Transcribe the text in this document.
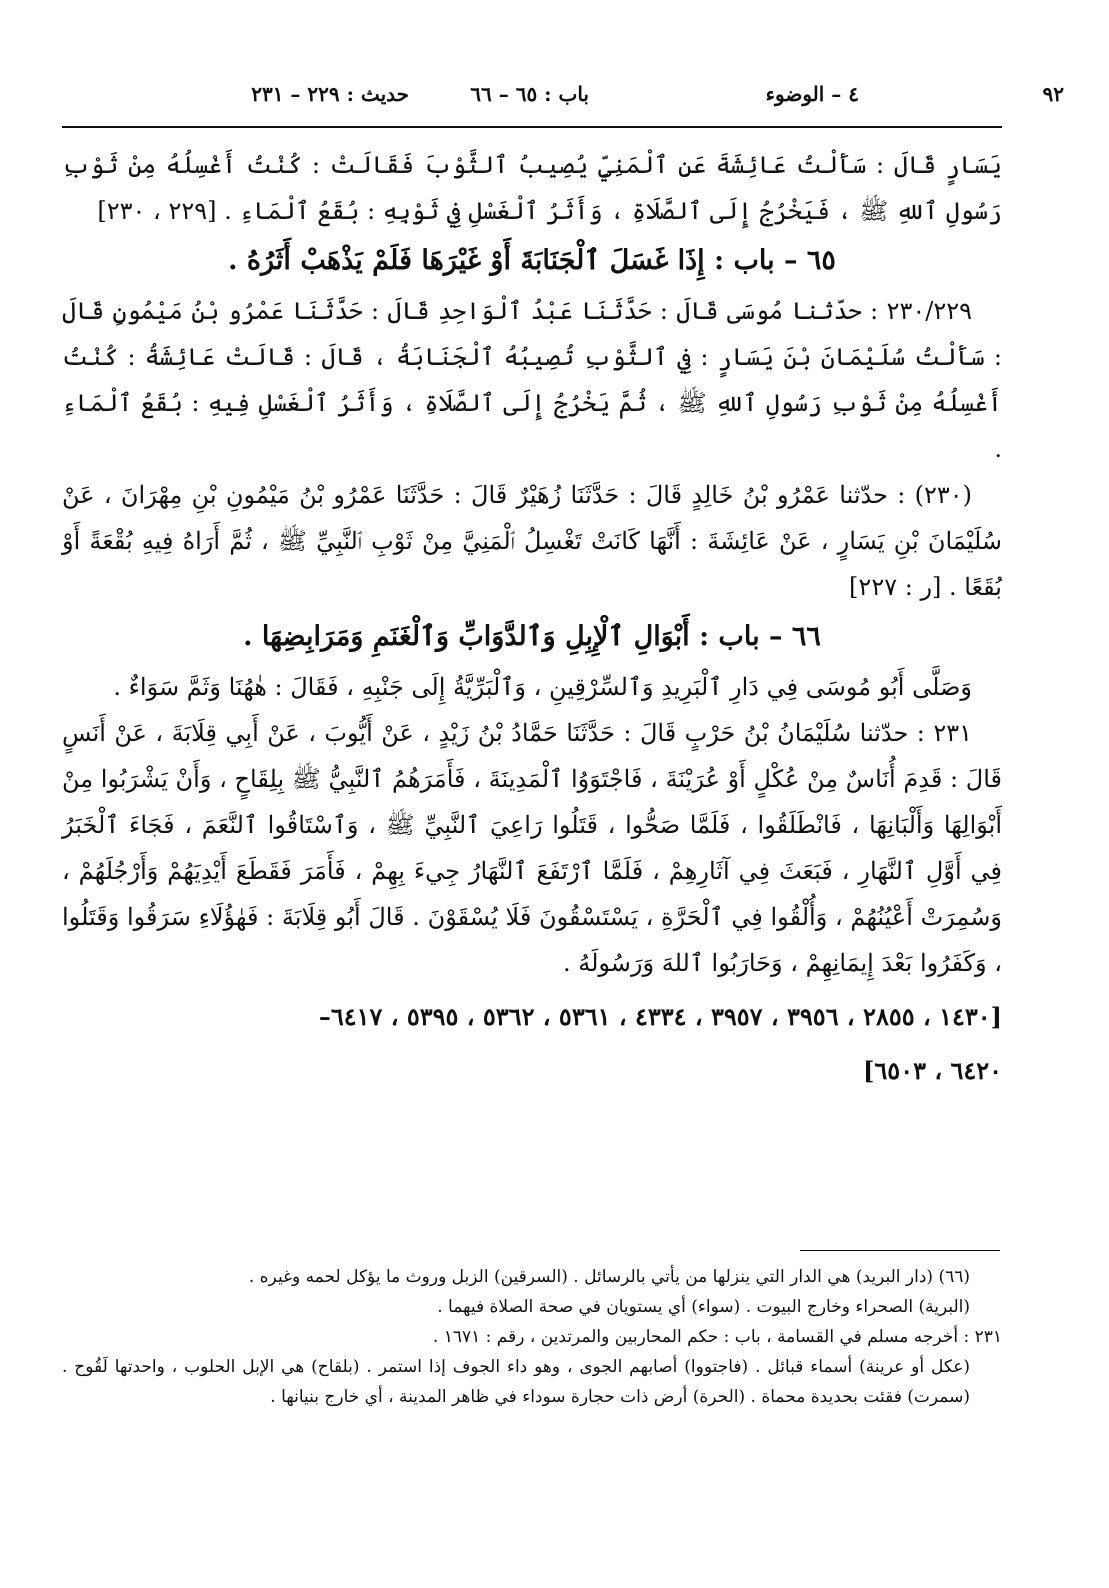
٩٢
٤ – الوضوء
باب : ٦٥ – ٦٦
حديث : ٢٢٩ – ٢٣١

يَسَارٍ قَالَ : سَأَلْتُ عَائِشَةَ عَنِ ٱلْمَنِيِّ يُصِيبُ ٱلثَّوْبَ فَقَالَتْ : كُنْتُ أَغْسِلُهُ مِنْ ثَوْبِ رَسُولِ ٱللهِ ﷺ ، فَيَخْرُجُ إِلَى ٱلصَّلَاةِ ، وَأَثَرُ ٱلْغَسْلِ فِي ثَوْبِهِ : بُقَعُ ٱلْمَاءِ . [٢٢٩ ، ٢٣٠]

٦٥ – باب : إِذَا غَسَلَ ٱلْجَنَابَةَ أَوْ غَيْرَهَا فَلَمْ يَذْهَبْ أَثَرُهُ .

٢٣٠/٢٢٩ : حدّثنا مُوسَى قَالَ : حَدَّثَنَا عَبْدُ ٱلْوَاحِدِ قَالَ : حَدَّثَنَا عَمْرُو بْنُ مَيْمُونٍ قَالَ : سَأَلْتُ سُلَيْمَانَ بْنَ يَسَارٍ : فِي ٱلثَّوْبِ تُصِيبُهُ ٱلْجَنَابَةُ ، قَالَ : قَالَتْ عَائِشَةُ : كُنْتُ أَغْسِلُهُ مِنْ ثَوْبِ رَسُولِ ٱللهِ ﷺ ، ثُمَّ يَخْرُجُ إِلَى ٱلصَّلَاةِ ، وَأَثَرُ ٱلْغَسْلِ فِيهِ : بُقَعُ ٱلْمَاءِ .

(٢٣٠) : حدّثنا عَمْرُو بْنُ خَالِدٍ قَالَ : حَدَّثَنَا زُهَيْرٌ قَالَ : حَدَّثَنَا عَمْرُو بْنُ مَيْمُونِ بْنِ مِهْرَانَ ، عَنْ سُلَيْمَانَ بْنِ يَسَارٍ ، عَنْ عَائِشَةَ : أَنَّهَا كَانَتْ تَغْسِلُ ٱلْمَنِيَّ مِنْ ثَوْبِ ٱلنَّبِيِّ ﷺ ، ثُمَّ أَرَاهُ فِيهِ بُقْعَةً أَوْ بُقَعًا . [ر : ٢٢٧]

٦٦ – باب : أَبْوَالِ ٱلْإِبِلِ وَٱلدَّوَابِّ وَٱلْغَنَمِ وَمَرَابِضِهَا .

وَصَلَّى أَبُو مُوسَى فِي دَارِ ٱلْبَرِيدِ وَٱلسِّرْقِينِ ، وَٱلْبَرِّيَّةُ إِلَى جَنْبِهِ ، فَقَالَ : هٰهُنَا وَثَمَّ سَوَاءٌ .

٢٣١ : حدّثنا سُلَيْمَانُ بْنُ حَرْبٍ قَالَ : حَدَّثَنَا حَمَّادُ بْنُ زَيْدٍ ، عَنْ أَيُّوبَ ، عَنْ أَبِي قِلَابَةَ ، عَنْ أَنَسٍ قَالَ : قَدِمَ أُنَاسٌ مِنْ عُكْلٍ أَوْ عُرَيْنَةَ ، فَاجْتَوَوُا ٱلْمَدِينَةَ ، فَأَمَرَهُمُ ٱلنَّبِيُّ ﷺ بِلِقَاحٍ ، وَأَنْ يَشْرَبُوا مِنْ أَبْوَالِهَا وَأَلْبَانِهَا ، فَانْطَلَقُوا ، فَلَمَّا صَحُّوا ، قَتَلُوا رَاعِيَ ٱلنَّبِيِّ ﷺ ، وَٱسْتَاقُوا ٱلنَّعَمَ ، فَجَاءَ ٱلْخَبَرُ فِي أَوَّلِ ٱلنَّهَارِ ، فَبَعَثَ فِي آثَارِهِمْ ، فَلَمَّا ٱرْتَفَعَ ٱلنَّهَارُ جِيءَ بِهِمْ ، فَأَمَرَ فَقَطَعَ أَيْدِيَهُمْ وَأَرْجُلَهُمْ ، وَسُمِرَتْ أَعْيُنُهُمْ ، وَأُلْقُوا فِي ٱلْحَرَّةِ ، يَسْتَسْقُونَ فَلَا يُسْقَوْنَ . قَالَ أَبُو قِلَابَةَ : فَهٰؤُلَاءِ سَرَقُوا وَقَتَلُوا ، وَكَفَرُوا بَعْدَ إِيمَانِهِمْ ، وَحَارَبُوا ٱللهَ وَرَسُولَهُ .

[١٤٣٠ ، ٢٨٥٥ ، ٣٩٥٦ ، ٣٩٥٧ ، ٤٣٣٤ ، ٥٣٦١ ، ٥٣٦٢ ، ٥٣٩٥ ، ٦٤١٧–

٦٤٢٠ ، ٦٥٠٣]

(٦٦) (دار البريد) هي الدار التي ينزلها من يأتي بالرسائل . (السرقين) الزبل وروث ما يؤكل لحمه وغيره .

(البرية) الصحراء وخارج البيوت . (سواء) أي يستويان في صحة الصلاة فيهما .

٢٣١ : أخرجه مسلم في القسامة ، باب : حكم المحاربين والمرتدين ، رقم : ١٦٧١ .

(عكل أو عرينة) أسماء قبائل . (فاجتووا) أصابهم الجوى ، وهو داء الجوف إذا استمر . (بلقاح) هي الإبل الحلوب ، واحدتها لَقُوح . (سمرت) فقئت بحديدة محماة . (الحرة) أرض ذات حجارة سوداء في ظاهر المدينة ، أي خارج بنيانها .
